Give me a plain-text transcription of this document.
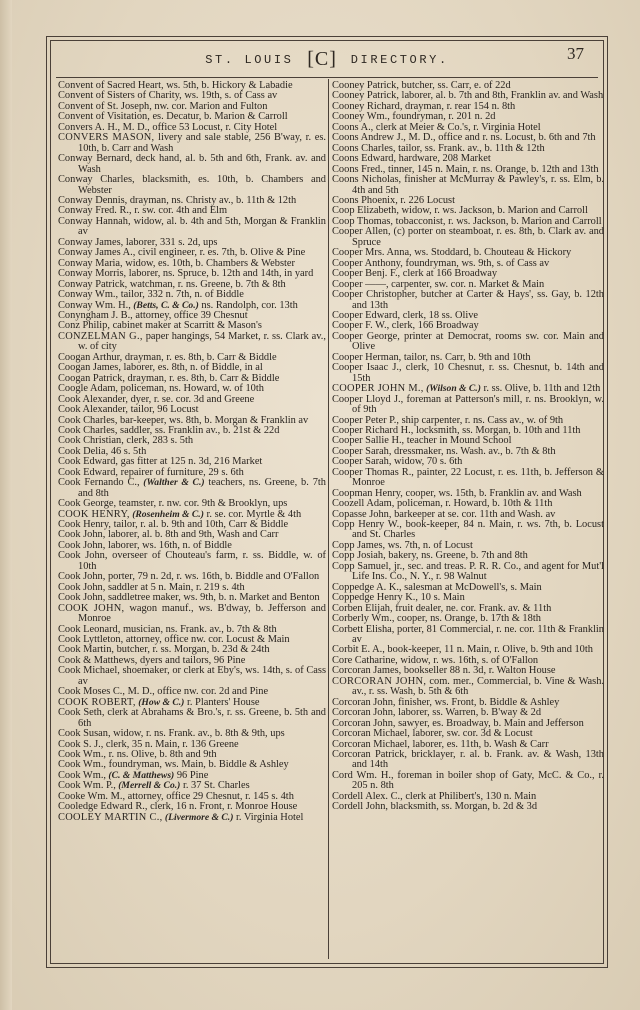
ST. LOUIS [C] DIRECTORY.	37
Convent of Sacred Heart, ws. 5th, b. Hickory & Labadie
Convent of Sisters of Charity, ws. 19th, s. of Cass av
Convent of St. Joseph, nw. cor. Marion and Fulton
Convent of Visitation, es. Decatur, b. Marion & Carroll
Convers A. H., M. D., office 53 Locust, r. City Hotel
CONVERS MASON, livery and sale stable, 256 B'way, r. es. 10th, b. Carr and Wash
Conway Bernard, deck hand, al. b. 5th and 6th, Frank. av. and Wash
Conway Charles, blacksmith, es. 10th, b. Chambers and Webster
Conway Dennis, drayman, ns. Christy av., b. 11th & 12th
Conway Fred. R., r. sw. cor. 4th and Elm
Conway Hannah, widow, al. b. 4th and 5th, Morgan & Franklin av
Conway James, laborer, 331 s. 2d, ups
Conway James A., civil engineer, r. es. 7th, b. Olive & Pine
Conway Maria, widow, es. 10th, b. Chambers & Webster
Conway Morris, laborer, ns. Spruce, b. 12th and 14th, in yard
Conway Patrick, watchman, r. ns. Greene, b. 7th & 8th
Conway Wm., tailor, 332 n. 7th, n. of Biddle
Conway Wm. H., (Betts, C. & Co.) ns. Randolph, cor. 13th
Conyngham J. B., attorney, office 39 Chesnut
Conz Philip, cabinet maker at Scarritt & Mason's
CONZELMAN G., paper hangings, 54 Market, r. ss. Clark av., w. of city
Coogan Arthur, drayman, r. es. 8th, b. Carr & Biddle
Coogan James, laborer, es. 8th, n. of Biddle, in al
Coogan Patrick, drayman, r. es. 8th, b. Carr & Biddle
Coogle Adam, policeman, ns. Howard, w. of 10th
Cook Alexander, dyer, r. se. cor. 3d and Greene
Cook Alexander, tailor, 96 Locust
Cook Charles, bar-keeper, ws. 8th, b. Morgan & Franklin av
Cook Charles, saddler, ss. Franklin av., b. 21st & 22d
Cook Christian, clerk, 283 s. 5th
Cook Delia, 46 s. 5th
Cook Edward, gas fitter at 125 n. 3d, 216 Market
Cook Edward, repairer of furniture, 29 s. 6th
Cook Fernando C., (Walther & C.) teachers, ns. Greene, b. 7th and 8th
Cook George, teamster, r. nw. cor. 9th & Brooklyn, ups
COOK HENRY, (Rosenheim & C.) r. se. cor. Myrtle & 4th
Cook Henry, tailor, r. al. b. 9th and 10th, Carr & Biddle
Cook John, laborer, al. b. 8th and 9th, Wash and Carr
Cook John, laborer, ws. 16th, n. of Biddle
Cook John, overseer of Chouteau's farm, r. ss. Biddle, w. of 10th
Cook John, porter, 79 n. 2d, r. ws. 16th, b. Biddle and O'Fallon
Cook John, saddler at 5 n. Main, r. 219 s. 4th
Cook John, saddletree maker, ws. 9th, b. n. Market and Benton
COOK JOHN, wagon manuf., ws. B'dway, b. Jefferson and Monroe
Cook Leonard, musician, ns. Frank. av., b. 7th & 8th
Cook Lyttleton, attorney, office nw. cor. Locust & Main
Cook Martin, butcher, r. ss. Morgan, b. 23d & 24th
Cook & Matthews, dyers and tailors, 96 Pine
Cook Michael, shoemaker, or clerk at Eby's, ws. 14th, s. of Cass av
Cook Moses C., M. D., office nw. cor. 2d and Pine
COOK ROBERT, (How & C.) r. Planters' House
Cook Seth, clerk at Abrahams & Bro.'s, r. ss. Greene, b. 5th and 6th
Cook Susan, widow, r. ns. Frank. av., b. 8th & 9th, ups
Cook S. J., clerk, 35 n. Main, r. 136 Greene
Cook Wm., r. ns. Olive, b. 8th and 9th
Cook Wm., foundryman, ws. Main, b. Biddle & Ashley
Cook Wm., (C. & Matthews) 96 Pine
Cook Wm. P., (Merrell & Co.) r. 37 St. Charles
Cooke Wm. M., attorney, office 29 Chesnut, r. 145 s. 4th
Cooledge Edward R., clerk, 16 n. Front, r. Monroe House
COOLEY MARTIN C., (Livermore & C.) r. Virginia Hotel
Cooney Patrick, butcher, ss. Carr, e. of 22d
Cooney Patrick, laborer, al. b. 7th and 8th, Franklin av. and Wash
Cooney Richard, drayman, r. rear 154 n. 8th
Cooney Wm., foundryman, r. 201 n. 2d
Coons A., clerk at Meier & Co.'s, r. Virginia Hotel
Coons Andrew J., M. D., office and r. ns. Locust, b. 6th and 7th
Coons Charles, tailor, ss. Frank. av., b. 11th & 12th
Coons Edward, hardware, 208 Market
Coons Fred., tinner, 145 n. Main, r. ns. Orange, b. 12th and 13th
Coons Nicholas, finisher at McMurray & Pawley's, r. ss. Elm, b. 4th and 5th
Coons Phoenix, r. 226 Locust
Coop Elizabeth, widow, r. ws. Jackson, b. Marion and Carroll
Coop Thomas, tobacconist, r. ws. Jackson, b. Marion and Carroll
Cooper Allen, (c) porter on steamboat, r. es. 8th, b. Clark av. and Spruce
Cooper Mrs. Anna, ws. Stoddard, b. Chouteau & Hickory
Cooper Anthony, foundryman, ws. 9th, s. of Cass av
Cooper Benj. F., clerk at 166 Broadway
Cooper ——, carpenter, sw. cor. n. Market & Main
Cooper Christopher, butcher at Carter & Hays', ss. Gay, b. 12th and 13th
Cooper Edward, clerk, 18 ss. Olive
Cooper F. W., clerk, 166 Broadway
Cooper George, printer at Democrat, rooms sw. cor. Main and Olive
Cooper Herman, tailor, ns. Carr, b. 9th and 10th
Cooper Isaac J., clerk, 10 Chesnut, r. ss. Chesnut, b. 14th and 15th
COOPER JOHN M., (Wilson & C.) r. ss. Olive, b. 11th and 12th
Cooper Lloyd J., foreman at Patterson's mill, r. ns. Brooklyn, w. of 9th
Cooper Peter P., ship carpenter, r. ns. Cass av., w. of 9th
Cooper Richard H., locksmith, ss. Morgan, b. 10th and 11th
Cooper Sallie H., teacher in Mound School
Cooper Sarah, dressmaker, ns. Wash. av., b. 7th & 8th
Cooper Sarah, widow, 70 s. 6th
Cooper Thomas R., painter, 22 Locust, r. es. 11th, b. Jefferson & Monroe
Coopman Henry, cooper, ws. 15th, b. Franklin av. and Wash
Coozell Adam, policeman, r. Howard, b. 10th & 11th
Copasse John, barkeeper at se. cor. 11th and Wash. av
Copp Henry W., book-keeper, 84 n. Main, r. ws. 7th, b. Locust and St. Charles
Copp James, ws. 7th, n. of Locust
Copp Josiah, bakery, ns. Greene, b. 7th and 8th
Copp Samuel, jr., sec. and treas. P. R. R. Co., and agent for Mut'l Life Ins. Co., N. Y., r. 98 Walnut
Coppedge A. K., salesman at McDowell's, s. Main
Coppedge Henry K., 10 s. Main
Corben Elijah, fruit dealer, ne. cor. Frank. av. & 11th
Corberly Wm., cooper, ns. Orange, b. 17th & 18th
Corbett Elisha, porter, 81 Commercial, r. ne. cor. 11th & Franklin av
Corbit E. A., book-keeper, 11 n. Main, r. Olive, b. 9th and 10th
Core Catharine, widow, r. ws. 16th, s. of O'Fallon
Corcoran James, bookseller 88 n. 3d, r. Walton House
CORCORAN JOHN, com. mer., Commercial, b. Vine & Wash. av., r. ss. Wash, b. 5th & 6th
Corcoran John, finisher, ws. Front, b. Biddle & Ashley
Corcoran John, laborer, ss. Warren, b. B'way & 2d
Corcoran John, sawyer, es. Broadway, b. Main and Jefferson
Corcoran Michael, laborer, sw. cor. 3d & Locust
Corcoran Michael, laborer, es. 11th, b. Wash & Carr
Corcoran Patrick, bricklayer, r. al. b. Frank. av. & Wash, 13th and 14th
Cord Wm. H., foreman in boiler shop of Gaty, McC. & Co., r. 205 n. 8th
Cordell Alex. C., clerk at Philibert's, 130 n. Main
Cordell John, blacksmith, ss. Morgan, b. 2d & 3d
